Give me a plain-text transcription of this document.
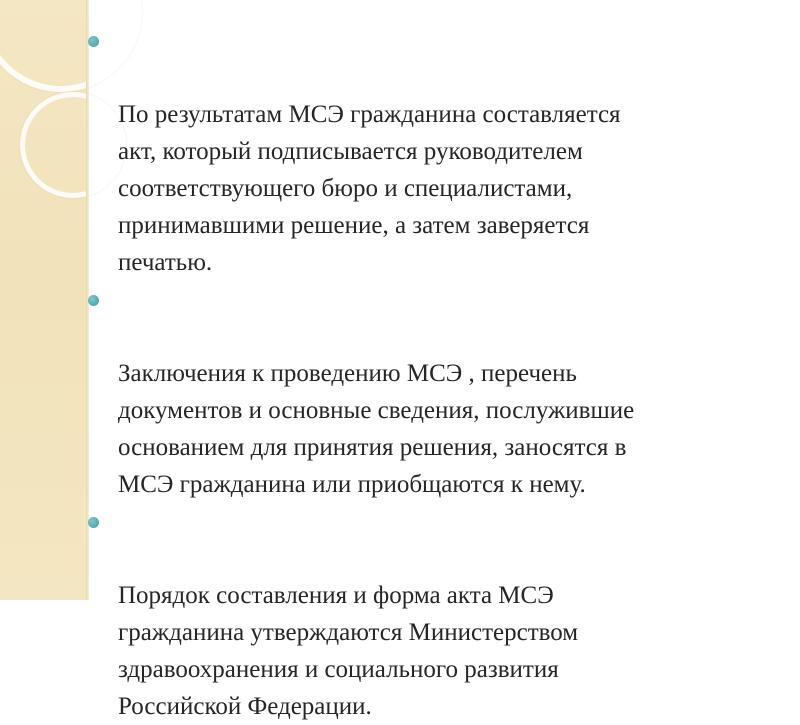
По результатам МСЭ гражданина составляется
акт, который подписывается руководителем
соответствующего бюро и специалистами,
принимавшими решение, а затем заверяется
печатью.

Заключения к проведению МСЭ , перечень
документов и основные сведения, послужившие
основанием для принятия решения, заносятся в
МСЭ гражданина или приобщаются к нему.

Порядок составления и форма акта МСЭ
гражданина утверждаются Министерством
здравоохранения и социального развития
Российской Федерации.
